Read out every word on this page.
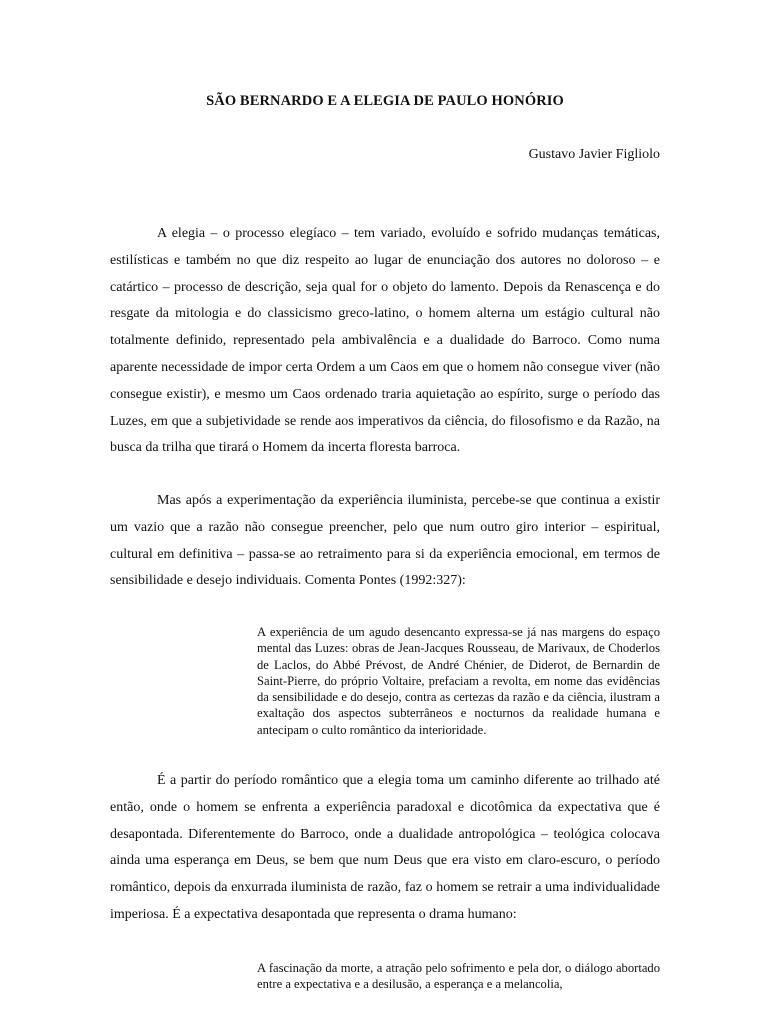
SÃO BERNARDO E A ELEGIA DE PAULO HONÓRIO
Gustavo Javier Figliolo

A elegia – o processo elegíaco – tem variado, evoluído e sofrido mudanças temáticas, estilísticas e também no que diz respeito ao lugar de enunciação dos autores no doloroso – e catártico – processo de descrição, seja qual for o objeto do lamento. Depois da Renascença e do resgate da mitologia e do classicismo greco-latino, o homem alterna um estágio cultural não totalmente definido, representado pela ambivalência e a dualidade do Barroco. Como numa aparente necessidade de impor certa Ordem a um Caos em que o homem não consegue viver (não consegue existir), e mesmo um Caos ordenado traria aquietação ao espírito, surge o período das Luzes, em que a subjetividade se rende aos imperativos da ciência, do filosofismo e da Razão, na busca da trilha que tirará o Homem da incerta floresta barroca.

Mas após a experimentação da experiência iluminista, percebe-se que continua a existir um vazio que a razão não consegue preencher, pelo que num outro giro interior – espiritual, cultural em definitiva – passa-se ao retraimento para si da experiência emocional, em termos de sensibilidade e desejo individuais. Comenta Pontes (1992:327):

A experiência de um agudo desencanto expressa-se já nas margens do espaço mental das Luzes: obras de Jean-Jacques Rousseau, de Marivaux, de Choderlos de Laclos, do Abbé Prévost, de André Chénier, de Diderot, de Bernardin de Saint-Pierre, do próprio Voltaire, prefaciam a revolta, em nome das evidências da sensibilidade e do desejo, contra as certezas da razão e da ciência, ilustram a exaltação dos aspectos subterrâneos e nocturnos da realidade humana e antecipam o culto romântico da interioridade.

É a partir do período romântico que a elegia toma um caminho diferente ao trilhado até então, onde o homem se enfrenta a experiência paradoxal e dicotômica da expectativa que é desapontada. Diferentemente do Barroco, onde a dualidade antropológica – teológica colocava ainda uma esperança em Deus, se bem que num Deus que era visto em claro-escuro, o período romântico, depois da enxurrada iluminista de razão, faz o homem se retrair a uma individualidade imperiosa. É a expectativa desapontada que representa o drama humano:

A fascinação da morte, a atração pelo sofrimento e pela dor, o diálogo abortado entre a expectativa e a desilusão, a esperança e a melancolia,
